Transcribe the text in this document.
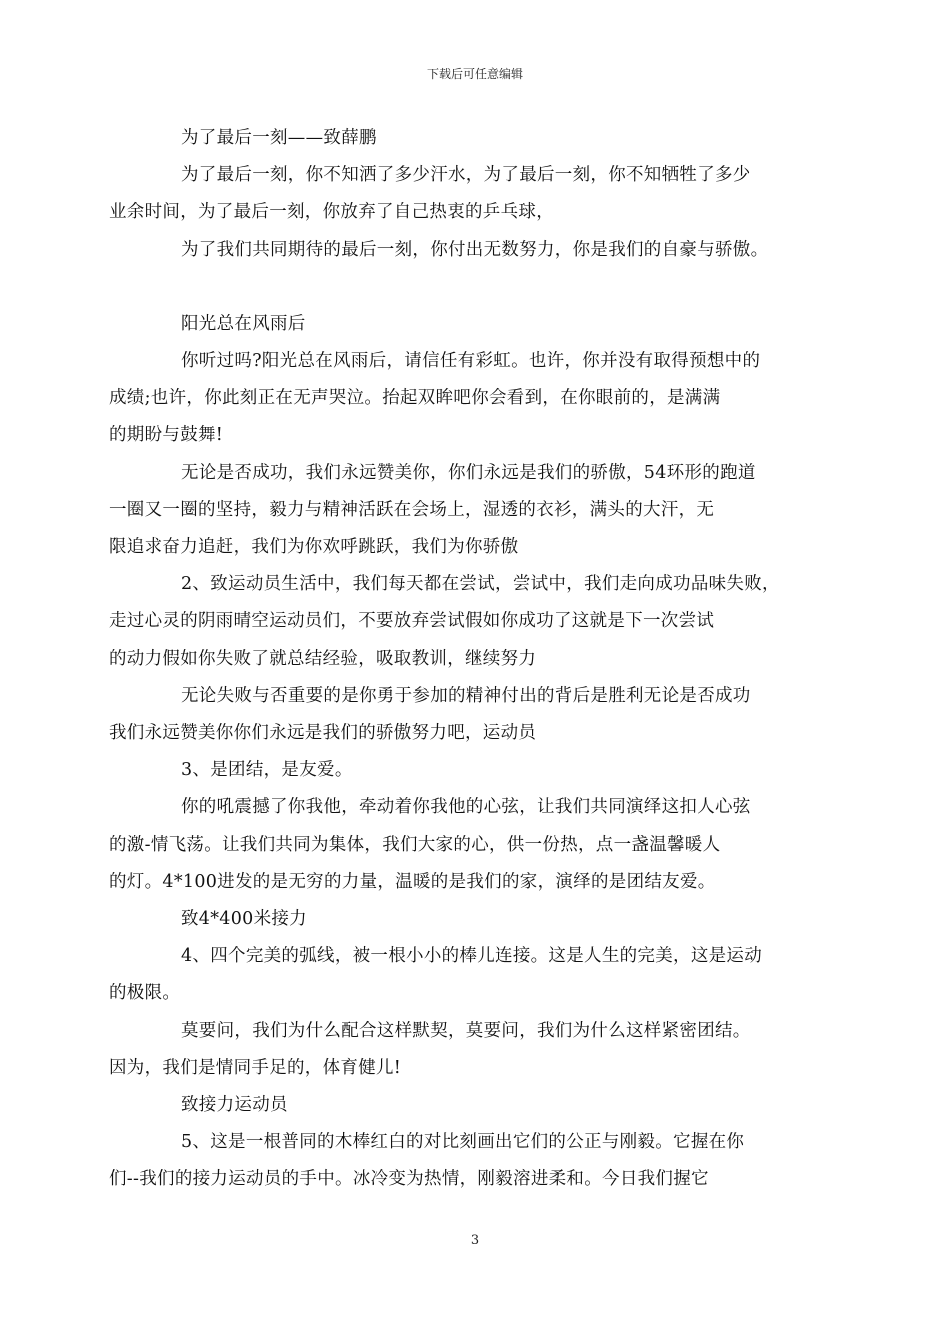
下载后可任意编辑

为了最后一刻——致薛鹏

为了最后一刻，你不知洒了多少汗水，为了最后一刻，你不知牺牲了多少
业余时间，为了最后一刻，你放弃了自己热衷的乒乓球，

为了我们共同期待的最后一刻，你付出无数努力，你是我们的自豪与骄傲。

阳光总在风雨后

你听过吗?阳光总在风雨后，请信任有彩虹。也许，你并没有取得预想中的
成绩;也许，你此刻正在无声哭泣。抬起双眸吧你会看到，在你眼前的，是满满
的期盼与鼓舞!

无论是否成功，我们永远赞美你，你们永远是我们的骄傲，54环形的跑道
一圈又一圈的坚持，毅力与精神活跃在会场上，湿透的衣衫，满头的大汗，无
限追求奋力追赶，我们为你欢呼跳跃，我们为你骄傲

2、致运动员生活中，我们每天都在尝试，尝试中，我们走向成功品味失败，
走过心灵的阴雨晴空运动员们，不要放弃尝试假如你成功了这就是下一次尝试
的动力假如你失败了就总结经验，吸取教训，继续努力

无论失败与否重要的是你勇于参加的精神付出的背后是胜利无论是否成功
我们永远赞美你你们永远是我们的骄傲努力吧，运动员

3、是团结，是友爱。

你的吼震撼了你我他，牵动着你我他的心弦，让我们共同演绎这扣人心弦
的激-情飞荡。让我们共同为集体，我们大家的心，供一份热，点一盏温馨暖人
的灯。4*100进发的是无穷的力量，温暖的是我们的家，演绎的是团结友爱。

致4*400米接力

4、四个完美的弧线，被一根小小的棒儿连接。这是人生的完美，这是运动
的极限。

莫要问，我们为什么配合这样默契，莫要问，我们为什么这样紧密团结。
因为，我们是情同手足的，体育健儿!

致接力运动员

5、这是一根普同的木棒红白的对比刻画出它们的公正与刚毅。它握在你
们--我们的接力运动员的手中。冰冷变为热情，刚毅溶进柔和。今日我们握它

3
